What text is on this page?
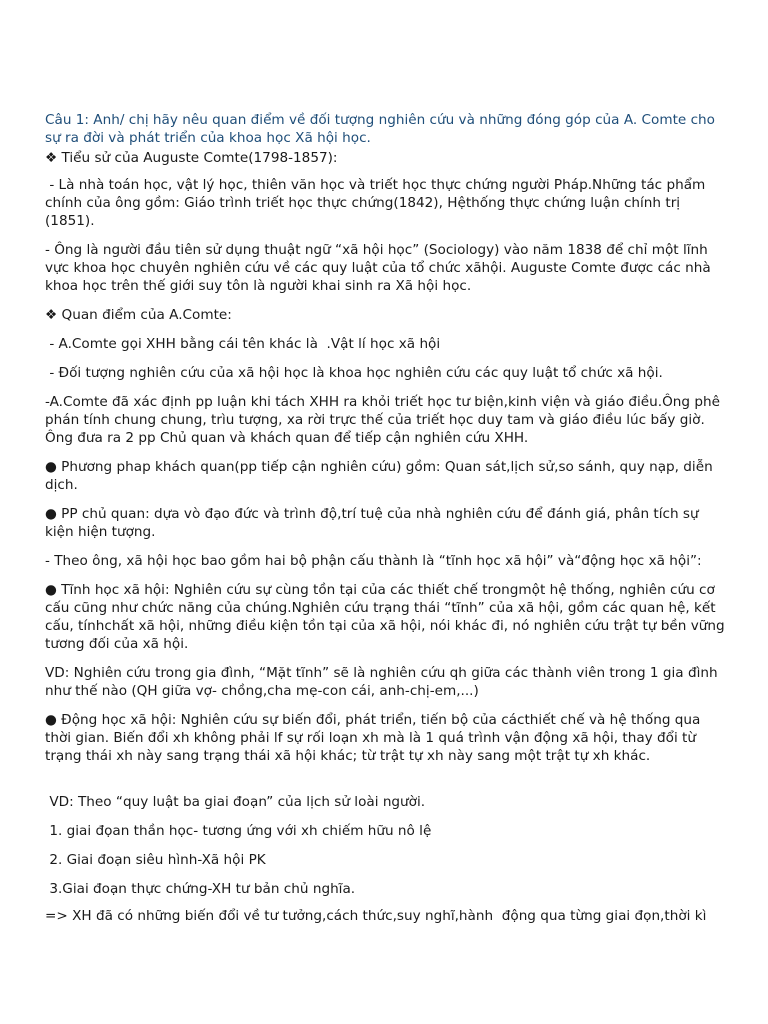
Câu 1: Anh/ chị hãy nêu quan điểm về đối tượng nghiên cứu và những đóng góp của A. Comte cho sự ra đời và phát triển của khoa học Xã hội học.
❖ Tiểu sử của Auguste Comte(1798-1857):
- Là nhà toán học, vật lý học, thiên văn học và triết học thực chứng người Pháp.Những tác phẩm chính của ông gồm: Giáo trình triết học thực chứng(1842), Hệthống thực chứng luận chính trị (1851).
- Ông là người đầu tiên sử dụng thuật ngữ “xã hội học” (Sociology) vào năm 1838 để chỉ một lĩnh vực khoa học chuyên nghiên cứu về các quy luật của tổ chức xãhội. Auguste Comte được các nhà khoa học trên thế giới suy tôn là người khai sinh ra Xã hội học.
❖ Quan điểm của A.Comte:
- A.Comte gọi XHH bằng cái tên khác là  .Vật lí học xã hội
- Đối tượng nghiên cứu của xã hội học là khoa học nghiên cứu các quy luật tổ chức xã hội.
-A.Comte đã xác định pp luận khi tách XHH ra khỏi triết học tư biện,kinh viện và giáo điều.Ông phê phán tính chung chung, trìu tượng, xa rời trực thế của triết học duy tam và giáo điều lúc bấy giờ. Ông đưa ra 2 pp Chủ quan và khách quan để tiếp cận nghiên cứu XHH.
● Phương phap khách quan(pp tiếp cận nghiên cứu) gồm: Quan sát,lịch sử,so sánh, quy nạp, diễn dịch.
● PP chủ quan: dựa vò đạo đức và trình độ,trí tuệ của nhà nghiên cứu để đánh giá, phân tích sự kiện hiện tượng.
- Theo ông, xã hội học bao gồm hai bộ phận cấu thành là “tĩnh học xã hội” và“động học xã hội”:
● Tĩnh học xã hội: Nghiên cứu sự cùng tồn tại của các thiết chế trongmột hệ thống, nghiên cứu cơ cấu cũng như chức năng của chúng.Nghiên cứu trạng thái “tĩnh” của xã hội, gồm các quan hệ, kết cấu, tínhchất xã hội, những điều kiện tồn tại của xã hội, nói khác đi, nó nghiên cứu trật tự bền vững tương đối của xã hội.
VD: Nghiên cứu trong gia đình, “Mặt tĩnh” sẽ là nghiên cứu qh giữa các thành viên trong 1 gia đình như thế nào (QH giữa vợ- chồng,cha mẹ-con cái, anh-chị-em,...)
● Động học xã hội: Nghiên cứu sự biến đổi, phát triển, tiến bộ của cácthiết chế và hệ thống qua thời gian. Biến đổi xh không phải lf sự rối loạn xh mà là 1 quá trình vận động xã hội, thay đổi từ trạng thái xh này sang trạng thái xã hội khác; từ trật tự xh này sang một trật tự xh khác.
VD: Theo “quy luật ba giai đoạn” của lịch sử loài người.
1. giai đọan thần học- tương ứng với xh chiếm hữu nô lệ
2. Giai đoạn siêu hình-Xã hội PK
3.Giai đoạn thực chứng-XH tư bản chủ nghĩa.
=> XH đã có những biến đổi về tư tưởng,cách thức,suy nghĩ,hành  động qua từng giai đọn,thời kì
